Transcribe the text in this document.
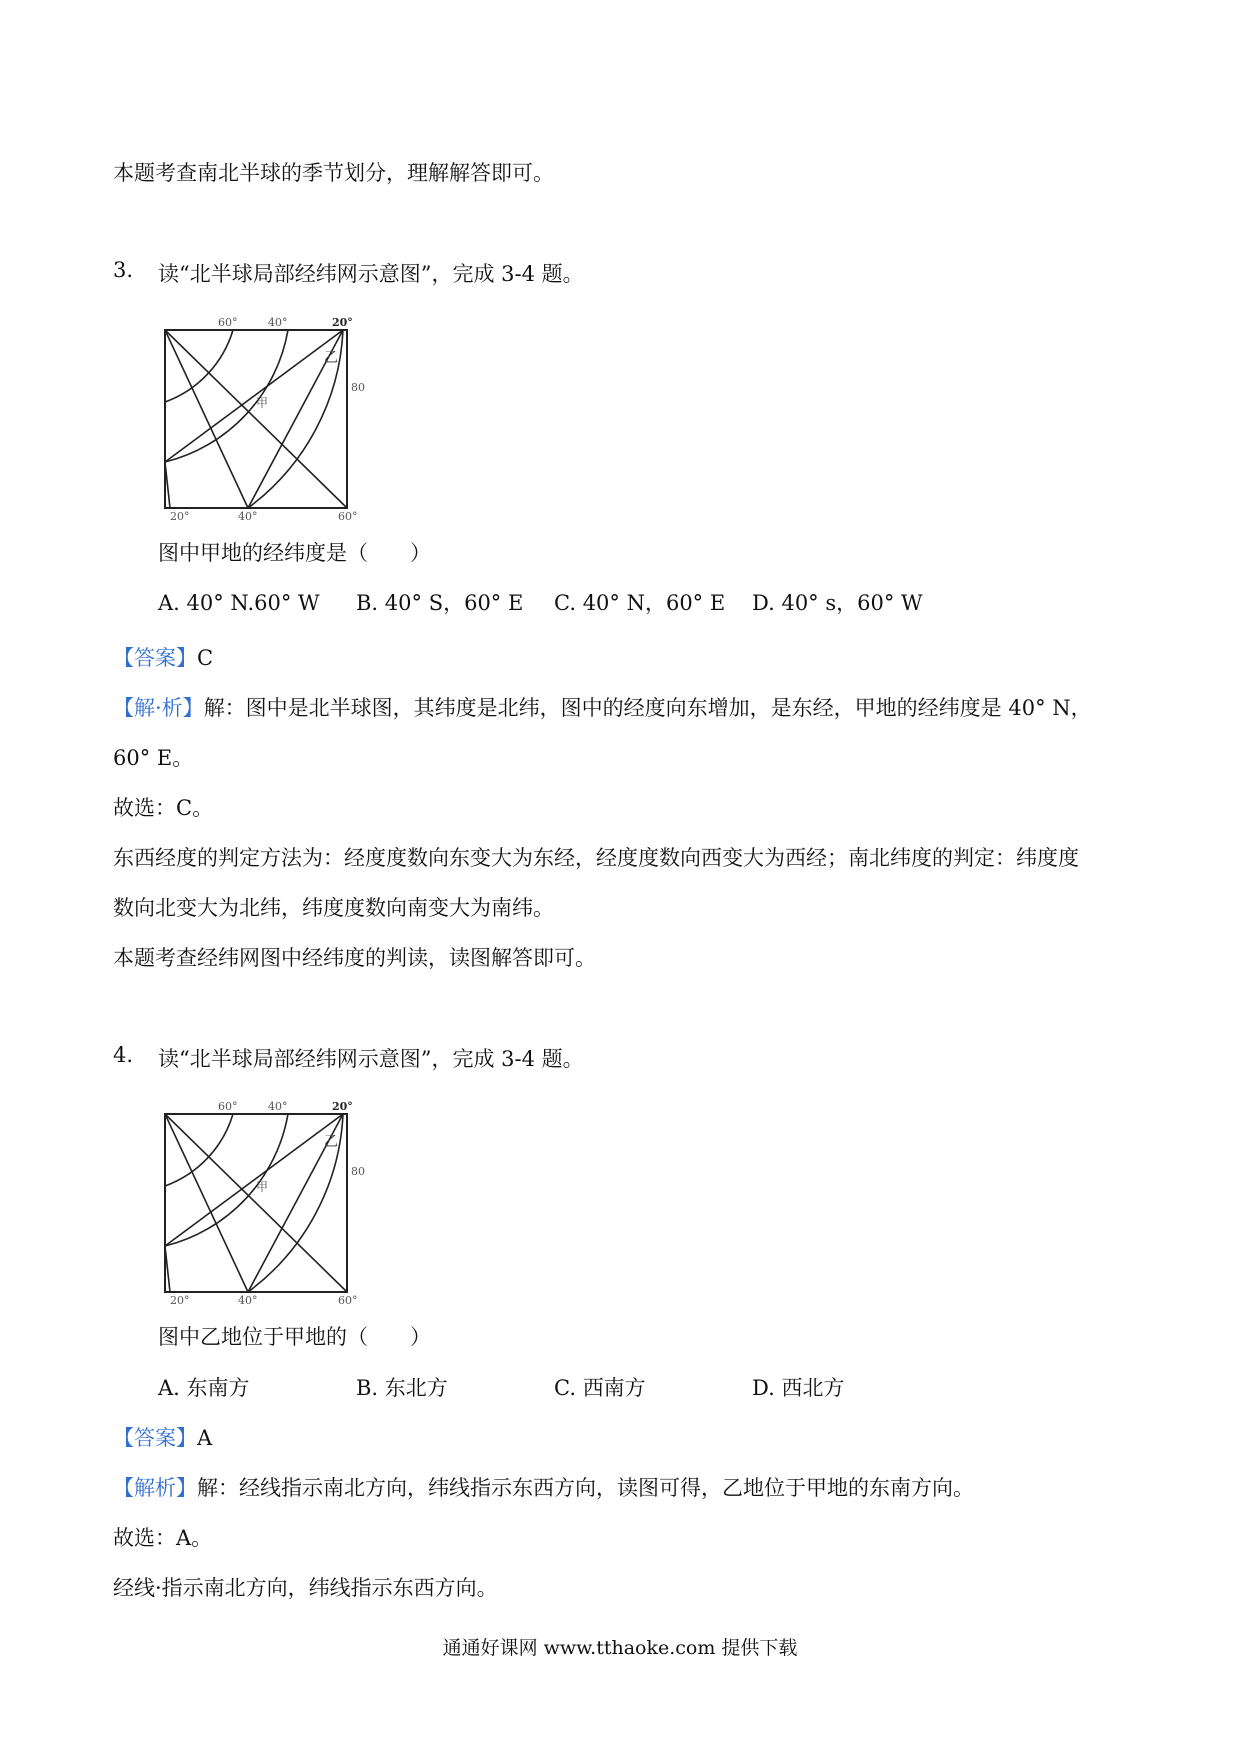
本题考查南北半球的季节划分，理解解答即可。
3. 读“北半球局部经纬网示意图”，完成 3-4 题。
60°	40°	20°
20°	40°	60°
80
甲
乙
图中甲地的经纬度是（　　）
A. 40° N.60° W B. 40° S，60° E C. 40° N，60° E D. 40° s，60° W
【答案】C
【解·析】解：图中是北半球图，其纬度是北纬，图中的经度向东增加，是东经，甲地的经纬度是 40° N，
60° E。
故选：C。
东西经度的判定方法为：经度度数向东变大为东经，经度度数向西变大为西经；南北纬度的判定：纬度度
数向北变大为北纬，纬度度数向南变大为南纬。
本题考查经纬网图中经纬度的判读，读图解答即可。
4. 读“北半球局部经纬网示意图”，完成 3-4 题。
60°	40°	20°
20°	40°	60°
80
甲
乙
图中乙地位于甲地的（　　）
A. 东南方	B. 东北方	C. 西南方	D. 西北方
【答案】A
【解析】解：经线指示南北方向，纬线指示东西方向，读图可得，乙地位于甲地的东南方向。
故选：A。
经线·指示南北方向，纬线指示东西方向。
通通好课网 www.tthaoke.com 提供下载
